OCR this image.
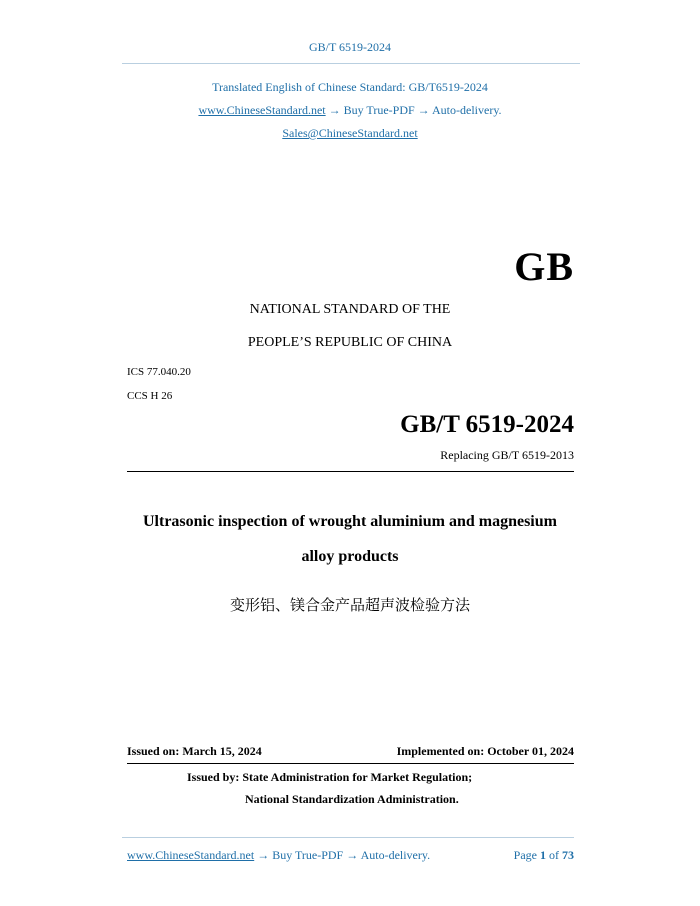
GB/T 6519-2024
Translated English of Chinese Standard: GB/T6519-2024
www.ChineseStandard.net → Buy True-PDF → Auto-delivery.
Sales@ChineseStandard.net
GB
NATIONAL STANDARD OF THE
PEOPLE’S REPUBLIC OF CHINA
ICS 77.040.20
CCS H 26
GB/T 6519-2024
Replacing GB/T 6519-2013
Ultrasonic inspection of wrought aluminium and magnesium
alloy products
变形铝、镁合金产品超声波检验方法
Issued on: March 15, 2024	Implemented on: October 01, 2024
Issued by: State Administration for Market Regulation;
National Standardization Administration.
www.ChineseStandard.net → Buy True-PDF → Auto-delivery.	Page 1 of 73
